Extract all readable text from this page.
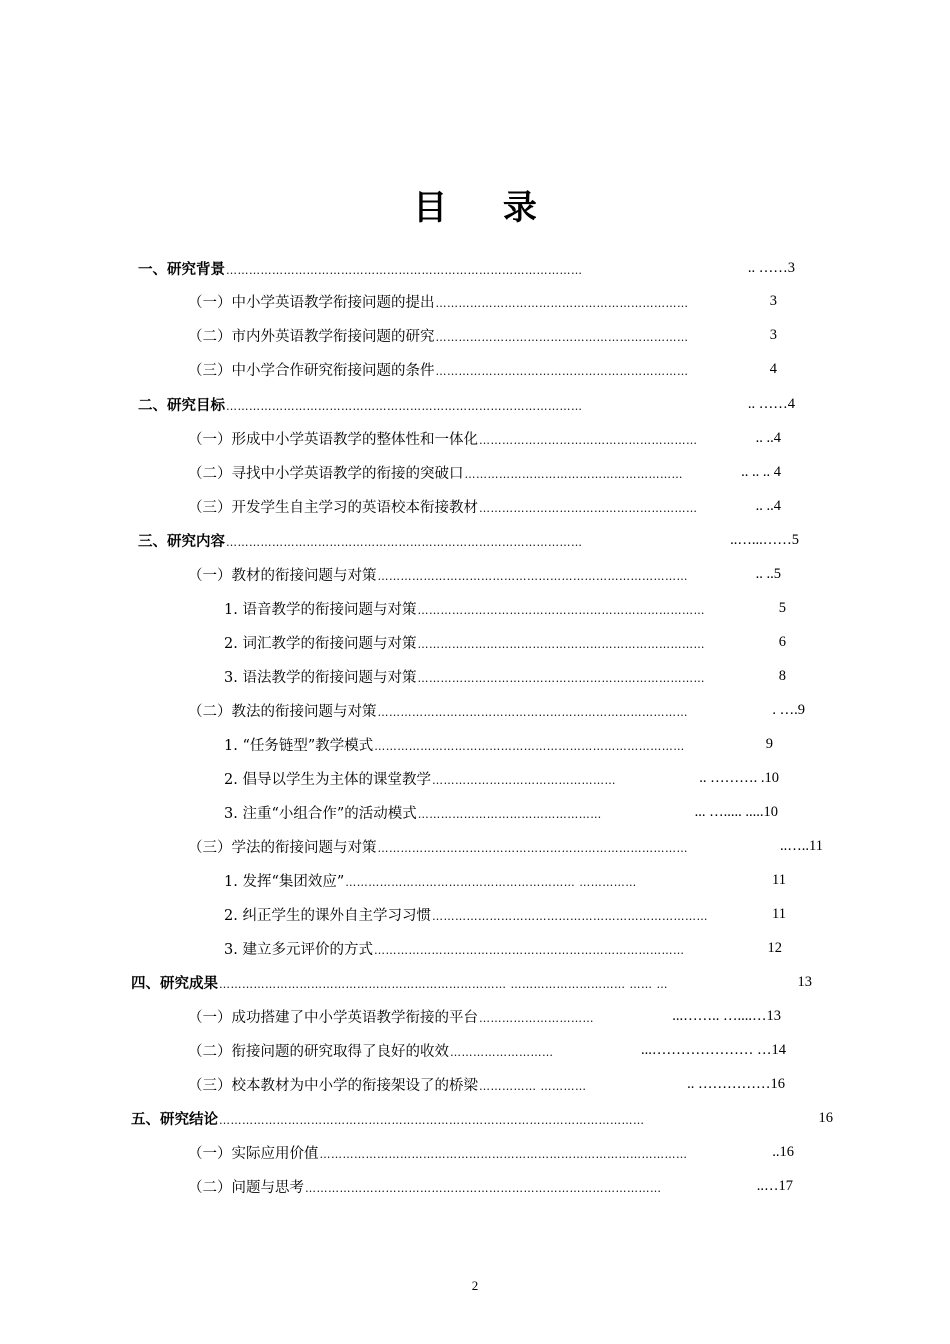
目 录
一、研究背景 …………………………………………………………………………………	.. ……3
（一）中小学英语教学衔接问题的提出 …………………………………………………………	3
（二）市内外英语教学衔接问题的研究 …………………………………………………………	3
（三）中小学合作研究衔接问题的条件 …………………………………………………………	4
二、研究目标 …………………………………………………………………………………	.. ……4
（一）形成中小学英语教学的整体性和一体化 …………………………………………………	.. ..4
（二）寻找中小学英语教学的衔接的突破口 …………………………………………………	.. .. .. 4
（三）开发学生自主学习的英语校本衔接教材 …………………………………………………	.. ..4
三、研究内容 …………………………………………………………………………………	..…...……5
（一）教材的衔接问题与对策 ………………………………………………………………………	.. ..5
1. 语音教学的衔接问题与对策 …………………………………………………………………	5
2. 词汇教学的衔接问题与对策 …………………………………………………………………	6
3. 语法教学的衔接问题与对策 …………………………………………………………………	8
（二）教法的衔接问题与对策 ………………………………………………………………………	. ….9
1. “任务链型”教学模式 ………………………………………………………………………	9
2. 倡导以学生为主体的课堂教学 …………………………………………	.. ………. .10
3. 注重“小组合作”的活动模式 …………………………………………	... …..... .....10
（三）学法的衔接问题与对策 ………………………………………………………………………	..…..11
1. 发挥“集团效应” …………………………………………………… ……………	11
2. 纠正学生的课外自主学习习惯 ………………………………………………………………	11
3. 建立多元评价的方式 ………………………………………………………………………	12
四、研究成果 ………………………………………………………………… ………………………… …… …	13
（一）成功搭建了中小学英语教学衔接的平台 …………………………	...…….. …....…13
（二）衔接问题的研究取得了良好的收效 ………………………	...………………… …14
（三）校本教材为中小学的衔接架设了的桥梁 …………… …………	.. ……………16
五、研究结论 …………………………………………………………………………………………………	16
（一）实际应用价值 ……………………………………………………………………………………	..16
（二）问题与思考 …………………………………………………………………………………	..…17
2
